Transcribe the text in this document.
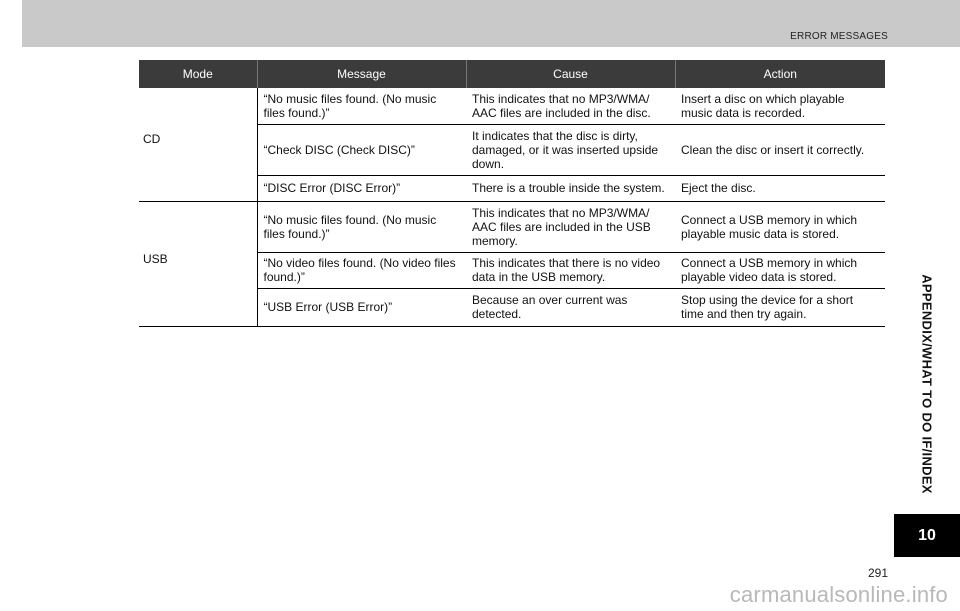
ERROR MESSAGES
Mode	Message	Cause	Action
CD	“No music files found. (No music files found.)”	This indicates that no MP3/WMA/ AAC files are included in the disc.	Insert a disc on which playable music data is recorded.
	“Check DISC (Check DISC)”	It indicates that the disc is dirty, damaged, or it was inserted upside down.	Clean the disc or insert it correctly.
	“DISC Error (DISC Error)”	There is a trouble inside the system.	Eject the disc.
USB	“No music files found. (No music files found.)”	This indicates that no MP3/WMA/ AAC files are included in the USB memory.	Connect a USB memory in which playable music data is stored.
	“No video files found. (No video files found.)”	This indicates that there is no video data in the USB memory.	Connect a USB memory in which playable video data is stored.
	“USB Error (USB Error)”	Because an over current was detected.	Stop using the device for a short time and then try again.	APPENDIX/WHAT TO DO IF/INDEX
10
291
carmanualsonline.info
